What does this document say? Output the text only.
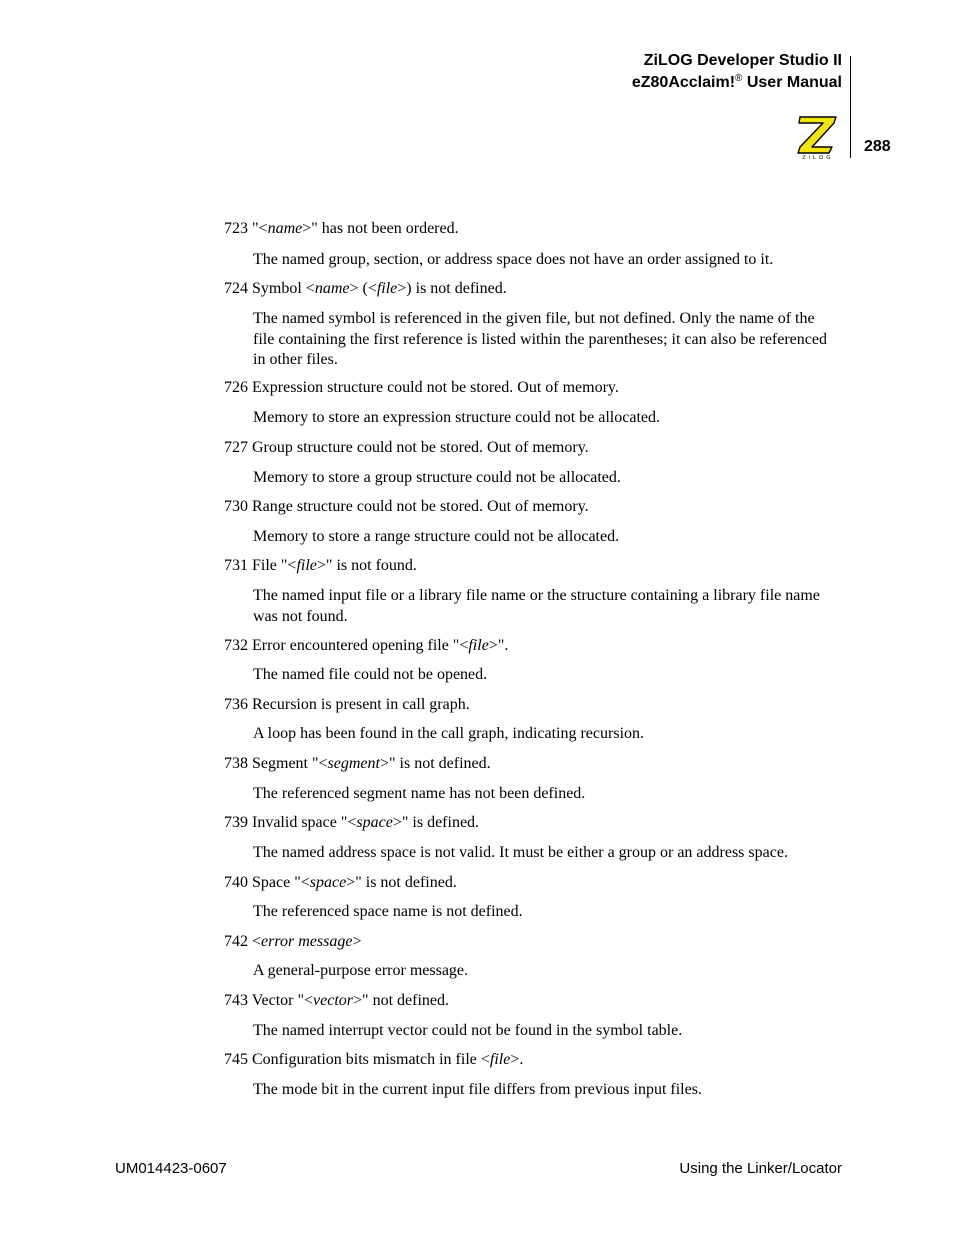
ZiLOG Developer Studio II
eZ80Acclaim!® User Manual
288
ZiLOG
723 "<name>" has not been ordered.
The named group, section, or address space does not have an order assigned to it.
724 Symbol <name> (<file>) is not defined.
The named symbol is referenced in the given file, but not defined. Only the name of the file containing the first reference is listed within the parentheses; it can also be referenced in other files.
726 Expression structure could not be stored. Out of memory.
Memory to store an expression structure could not be allocated.
727 Group structure could not be stored. Out of memory.
Memory to store a group structure could not be allocated.
730 Range structure could not be stored. Out of memory.
Memory to store a range structure could not be allocated.
731 File "<file>" is not found.
The named input file or a library file name or the structure containing a library file name was not found.
732 Error encountered opening file "<file>".
The named file could not be opened.
736 Recursion is present in call graph.
A loop has been found in the call graph, indicating recursion.
738 Segment "<segment>" is not defined.
The referenced segment name has not been defined.
739 Invalid space "<space>" is defined.
The named address space is not valid. It must be either a group or an address space.
740 Space "<space>" is not defined.
The referenced space name is not defined.
742 <error message>
A general-purpose error message.
743 Vector "<vector>" not defined.
The named interrupt vector could not be found in the symbol table.
745 Configuration bits mismatch in file <file>.
The mode bit in the current input file differs from previous input files.
UM014423-0607	Using the Linker/Locator
